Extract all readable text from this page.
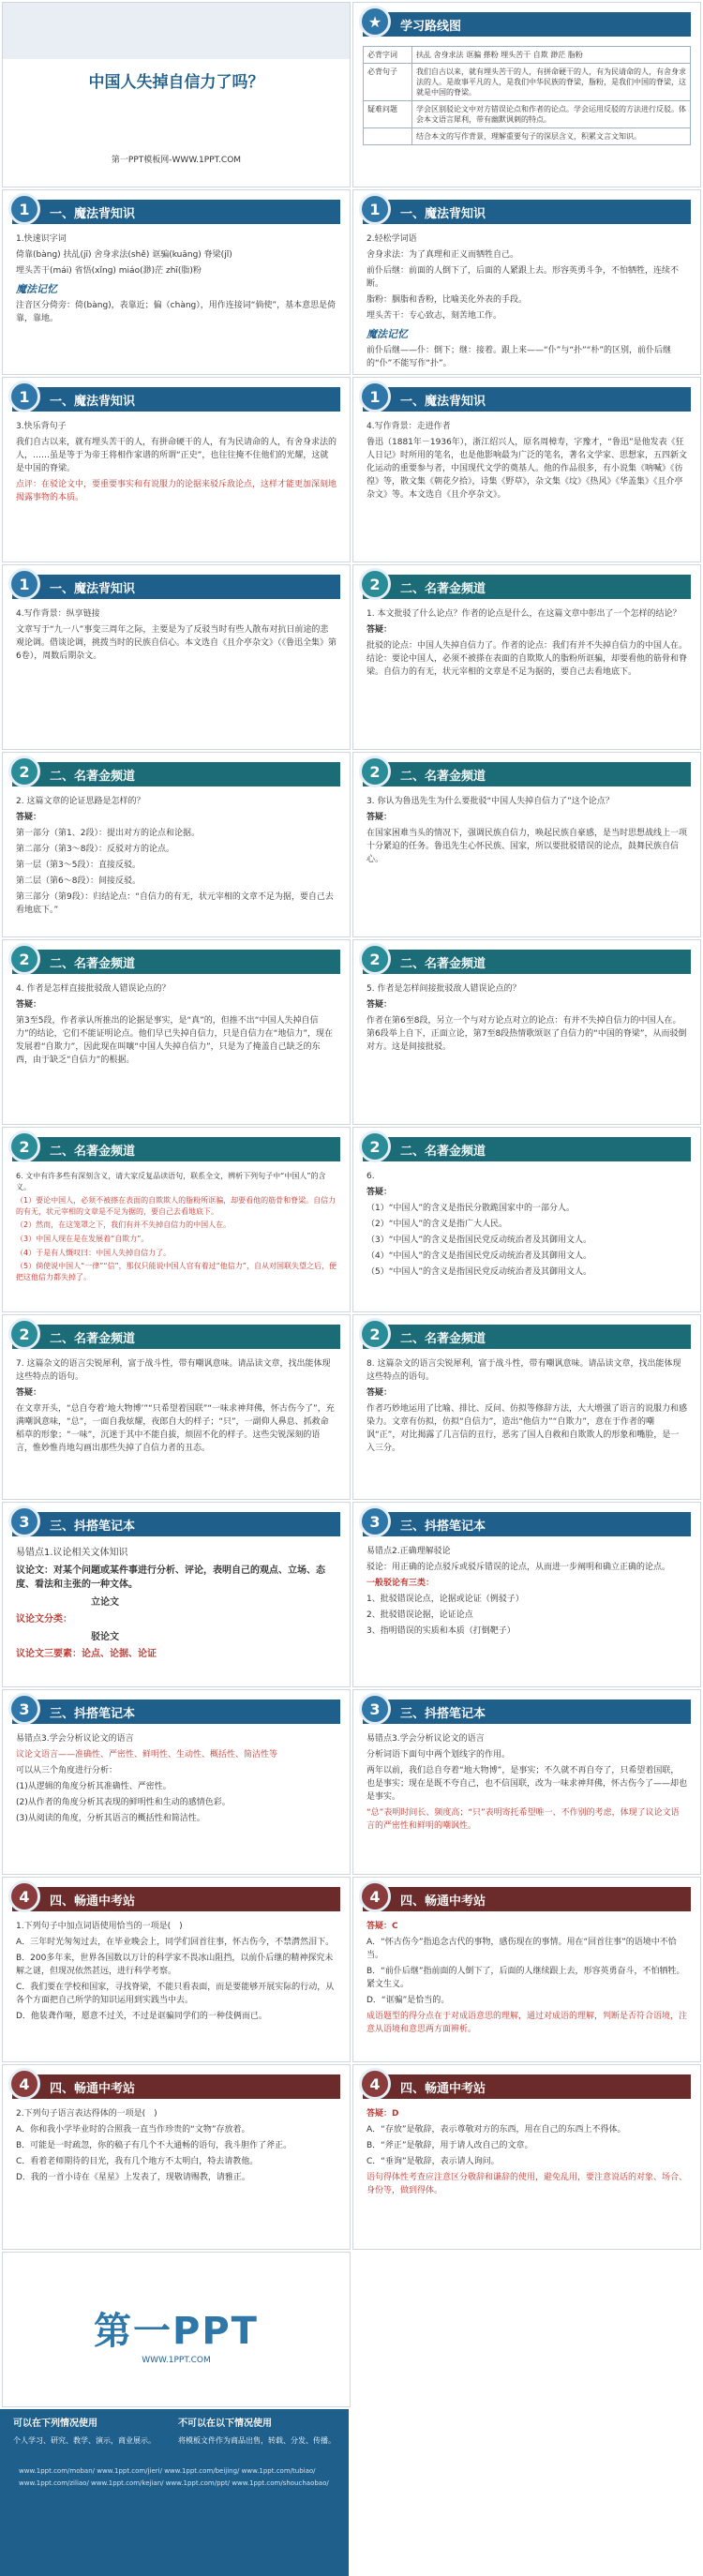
中国人失掉自信力了吗？
第一PPT模板网-WWW.1PPT.COM
★	学习路线图
必背字词	扶乩 舍身求法 诓骗 搽粉 埋头苦干 自欺 渺茫 脂粉
必背句子	我们自古以来，就有埋头苦干的人，有拼命硬干的人，有为民请命的人，有舍身求法的人。是故事平凡的人，是我们中华民族的脊梁，脂粉，是我们中国的脊梁，这就是中国的脊梁。
疑难问题	学会区别驳论文中对方错误论点和作者的论点。学会运用反驳的方法进行反驳。体会本文语言犀利，带有幽默讽刺的特点。
	结合本文的写作背景，理解重要句子的深层含义，积累文言文知识。
1	一、魔法背知识

1.快速识字词

倚靠(bàng) 扶乩(jī) 舍身求法(shě) 诓骗(kuāng) 脊梁(jǐ)

埋头苦干(mái) 省悟(xǐng) miáo(渺)茫 zhī(脂)粉

魔法记忆

注音区分倚旁：倚(bàng)，表靠近；偏（chàng），用作连接词“倘使”，基本意思是倚靠，靠地。

1	一、魔法背知识

2.轻松学词语

舍身求法：为了真理和正义而牺牲自己。

前仆后继：前面的人倒下了，后面的人紧跟上去。形容英勇斗争，不怕牺牲，连续不断。

脂粉：胭脂和香粉，比喻美化外表的手段。

埋头苦干：专心致志，刻苦地工作。

魔法记忆

前仆后继——仆：倒下；继：接着。跟上来——“仆”与“扑”“朴”的区别，前仆后继的“仆”不能写作“扑”。

1	一、魔法背知识

3.快乐背句子

我们自古以来，就有埋头苦干的人，有拼命硬干的人，有为民请命的人，有舍身求法的人，……虽是等于为帝王将相作家谱的所谓“正史”，也往往掩不住他们的光耀，这就是中国的脊梁。

点评：在驳论文中，要重要事实和有说服力的论据来驳斥敌论点，这样才能更加深刻地揭露事物的本质。

1	一、魔法背知识

4.写作背景：走进作者

鲁迅（1881年－1936年），浙江绍兴人，原名周樟寿，字豫才，“鲁迅”是他发表《狂人日记》时所用的笔名，也是他影响最为广泛的笔名，著名文学家、思想家，五四新文化运动的重要参与者，中国现代文学的奠基人。他的作品很多，有小说集《呐喊》《彷徨》等，散文集《朝花夕拾》，诗集《野草》，杂文集《坟》《热风》《华盖集》《且介亭杂文》等。本文选自《且介亭杂文》。

1	一、魔法背知识

4.写作背景：纵享链接

文章写于“九一八”事变三周年之际，主要是为了反驳当时有些人散布对抗日前途的悲观论调。借谈论调，挑拨当时的民族自信心。本文选自《且介亭杂文》（《鲁迅全集》第6卷），周数后期杂文。

2	二、名著金频道

1. 本文批驳了什么论点？作者的论点是什么，在这篇文章中彰出了一个怎样的结论？

答疑：

批驳的论点：中国人失掉自信力了。作者的论点：我们有并不失掉自信力的中国人在。结论：要论中国人，必须不被搽在表面的自欺欺人的脂粉所诓骗，却要看他的筋骨和脊梁。自信力的有无，状元宰相的文章是不足为据的，要自己去看地底下。

2	二、名著金频道

2. 这篇文章的论证思路是怎样的？

答疑：

第一部分（第1、2段）：提出对方的论点和论据。

第二部分（第3～8段）：反驳对方的论点。

第一层（第3～5段）：直接反驳。

第二层（第6～8段）：间接反驳。

第三部分（第9段）：归结论点：“自信力的有无，状元宰相的文章不足为据，要自己去看地底下。”

2	二、名著金频道

3. 你认为鲁迅先生为什么要批驳“中国人失掉自信力了”这个论点？

答疑：

在国家困难当头的情况下，强调民族自信力，唤起民族自豪感，是当时思想战线上一项十分紧迫的任务。鲁迅先生心怀民族、国家，所以要批驳错误的论点，鼓舞民族自信心。

2	二、名著金频道

4. 作者是怎样直接批驳敌人错误论点的？

答疑：

第3至5段，作者承认所推出的论据是事实，是“真”的，但推不出“中国人失掉自信力”的结论，它们不能证明论点。他们早已失掉自信力，只是自信力在“地信力”，现在发展着“自欺力”，因此现在叫嚷“中国人失掉自信力”，只是为了掩盖自己缺乏的东西，由于缺乏“自信力”的根据。

2	二、名著金频道

5. 作者是怎样间接批驳敌人错误论点的？

答疑：

作者在第6至8段，另立一个与对方论点对立的论点：有并不失掉自信力的中国人在。第6段举上自下，正面立论，第7至8段热情歌颂讴了自信力的“中国的脊梁”，从而驳倒对方。这是间接批驳。

2	二、名著金频道

6. 文中有许多些有深刻含义，请大家反复品读语句，联系全文，辨析下列句子中“中国人”的含义。

（1）要论中国人，必须不被搽在表面的自欺欺人的脂粉所诓骗，却要看他的筋骨和脊梁。自信力的有无，状元宰相的文章是不足为据的，要自己去看地底下。

（2）然而，在这笼罩之下，我们有并不失掉自信力的中国人在。

（3）中国人现在是在发展着“自欺力”。

（4）于是有人慨叹曰：中国人失掉自信力了。

（5）倘使说中国人“一律”“信”，那仅只能说中国人官有着过“他信力”，自从对国联失望之后，便把这他信力都失掉了。

2	二、名著金频道

6.

答疑：

（1）“中国人”的含义是指民分散跪国家中的一部分人。

（2）“中国人”的含义是指广大人民。

（3）“中国人”的含义是指国民党反动统治者及其御用文人。

（4）“中国人”的含义是指国民党反动统治者及其御用文人。

（5）“中国人”的含义是指国民党反动统治者及其御用文人。

2	二、名著金频道

7. 这篇杂文的语言尖锐犀利，富于战斗性，带有嘲讽意味。请品读文章，找出能体现这些特点的语句。

答疑：

在文章开头，“总自夸着‘地大物博’”“只希望着国联”“一味求神拜佛，怀古伤今了”，充满嘲讽意味，“总”，一面自我炫耀，夜郎自大的样子；“只”，一副仰人鼻息、抓救命稻草的形象；“一味”，沉迷于其中不能自拔，烦固不化的样子。这些尖锐深刻的语言，惟妙惟肖地勾画出那些失掉了自信力者的丑态。

2	二、名著金频道

8. 这篇杂文的语言尖锐犀利，富于战斗性，带有嘲讽意味。请品读文章，找出能体现这些特点的语句。

答疑：

作者巧妙地运用了比喻、排比、反问、仿拟等修辞方法，大大增强了语言的说服力和感染力。文章有仿拟，仿拟“自信力”，造出“他信力”“自欺力”，意在于作者的嘲讽“正”，对比揭露了几言信的丑行，恶劣了国人自救和自欺欺人的形象和嘴脸，是一入三分。

3	三、抖搭笔记本

易错点1.议论相关文体知识

议论文：对某个问题或某件事进行分析、评论，表明自己的观点、立场、态度、看法和主张的一种文体。

立论文

议论文分类：

驳论文

议论文三要素：论点、论据、论证

3	三、抖搭笔记本

易错点2.正确理解驳论

驳论：用正确的论点驳斥或驳斥错误的论点，从而进一步阐明和确立正确的论点。

一般驳论有三类：

1、批驳错误论点，论据或论证（例驳子）

2、批驳错误论据，论证论点

3、指明错误的实质和本质（打倒靶子）

3	三、抖搭笔记本

易错点3.学会分析议论文的语言

议论文语言——准确性、严密性、鲜明性、生动性、概括性、简洁性等

可以从三个角度进行分析：

(1)从逻辑的角度分析其准确性、严密性。

(2)从作者的角度分析其表现的鲜明性和生动的感情色彩。

(3)从阅读的角度，分析其语言的概括性和简洁性。

3	三、抖搭笔记本

易错点3.学会分析议论文的语言

分析词语下面句中两个划线字的作用。

两年以前，我们总自夸着“地大物博”，是事实；不久就不再自夸了，只希望着国联，也是事实；现在是既不夸自己，也不信国联，改为一味求神拜佛，怀古伤今了——却也是事实。

“总”表明时间长、频度高；“只”表明寄托希望唯一、不作别的考虑，体现了议论文语言的严密性和鲜明的嘲讽性。

4	四、畅通中考站

1.下列句子中加点词语使用恰当的一项是(　)

A．三年时光匆匆过去，在毕业晚会上，同学们回首往事，怀古伤今，不禁潸然泪下。

B．200多年来，世界各国数以万计的科学家不畏冰山阻挡，以前仆后继的精神探究未解之谜，但现况依然甚远，进行科学考察。

C．我们要在学校和国家，寻找脊梁，不能只看表面，而是要能够开展实际的行动，从各个方面把自己所学的知识运用到实践当中去。

D．他装聋作哑，愿意不过关，不过是诓骗同学们的一种伎俩而已。

4	四、畅通中考站

答疑：C

A．“怀古伤今”指追念古代的事物，感伤现在的事情。用在“回首往事”的语境中不恰当。

B．“前仆后继”指前面的人倒下了，后面的人继续跟上去，形容英勇奋斗，不怕牺牲。紧文生义。

D．“诓骗”是恰当的。

成语题型的得分点在于对成语意思的理解，通过对成语的理解，判断是否符合语境，注意从语境和意思两方面辨析。

4	四、畅通中考站

2.下列句子语言表达得体的一项是(　)

A．你和我小学毕业时的合照我一直当作珍贵的“文物”存放着。

B．可能是一时疏忽，你的稿子有几个不大通畅的语句，我斗胆作了斧正。

C．看着老师期待的目光，我有几个地方不太明白，特去请教他。

D．我的一首小诗在《星星》上发表了，现敬请赐教，请雅正。

4	四、畅通中考站

答疑：D

A．“存放”是敬辞，表示尊敬对方的东西，用在自己的东西上不得体。

B．“斧正”是敬辞，用于请人改自己的文章。

C．“垂询”是敬辞，表示请人询问。

语句得体性考查应注意区分敬辞和谦辞的使用，避免乱用，要注意说话的对象、场合、身份等，做到得体。

第一PPT
WWW.1PPT.COM
可以在下列情况使用
个人学习、研究、教学、演示，商业展示。
不可以在以下情况使用
将模板文件作为商品出售，转载、分发、传播。
www.1ppt.com/moban/ www.1ppt.com/jieri/ www.1ppt.com/beijing/ www.1ppt.com/tubiao/ www.1ppt.com/ziliao/ www.1ppt.com/kejian/ www.1ppt.com/ppt/ www.1ppt.com/shouchaobao/
